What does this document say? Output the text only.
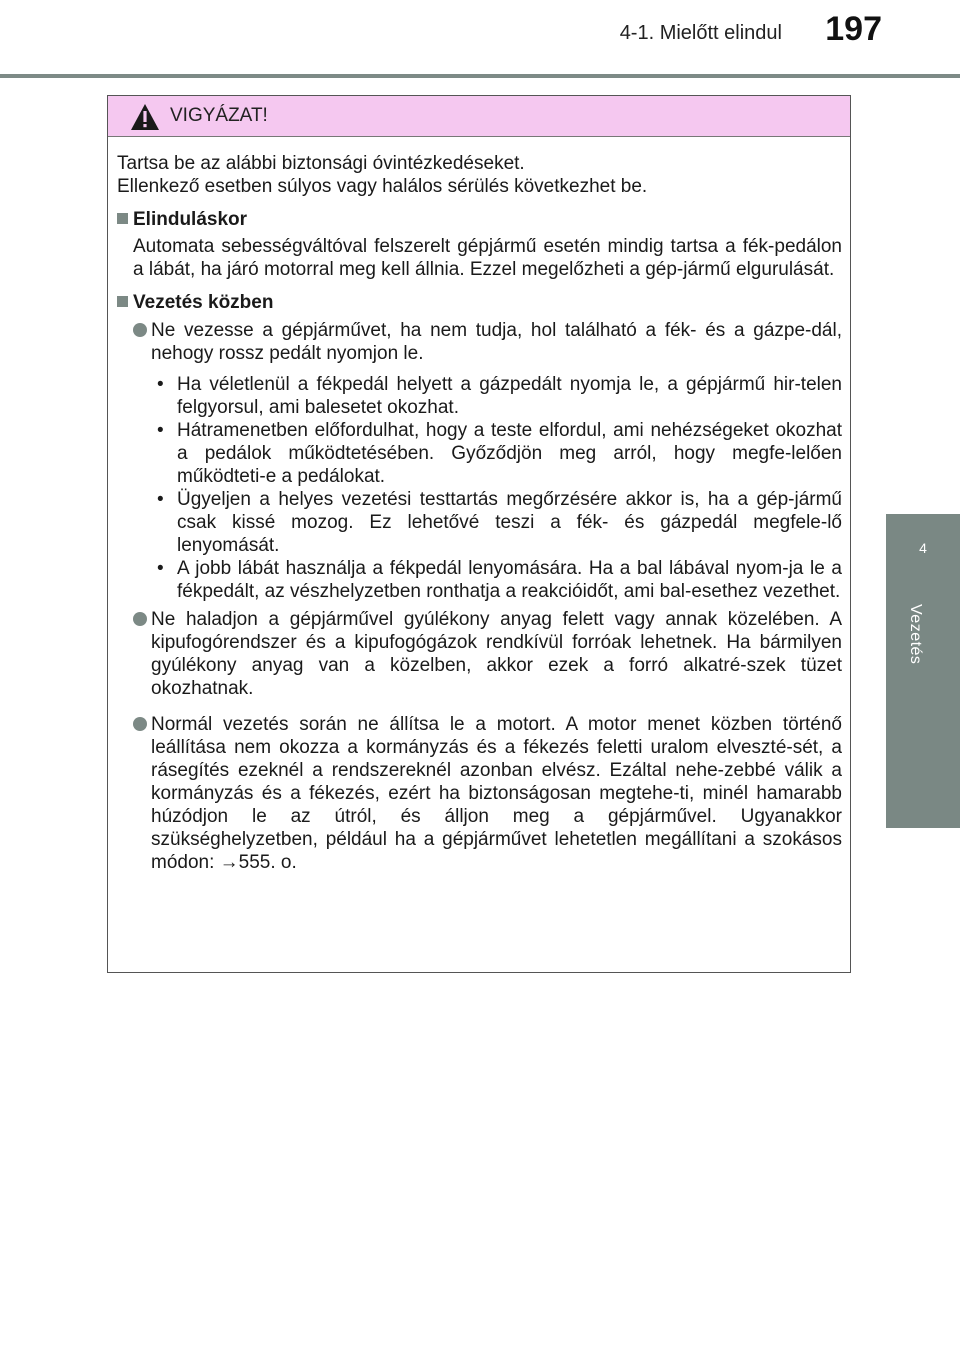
4-1. Mielőtt elindul 197
4
Vezetés
VIGYÁZAT!

Tartsa be az alábbi biztonsági óvintézkedéseket.

Ellenkező esetben súlyos vagy halálos sérülés következhet be.

Elinduláskor
Automata sebességváltóval felszerelt gépjármű esetén mindig tartsa a fék-pedálon a lábát, ha járó motorral meg kell állnia. Ezzel megelőzheti a gép-jármű elgurulását.
Vezetés közben
Ne vezesse a gépjárművet, ha nem tudja, hol található a fék- és a gázpe-dál, nehogy rossz pedált nyomjon le.
• Ha véletlenül a fékpedál helyett a gázpedált nyomja le, a gépjármű hir-telen felgyorsul, ami balesetet okozhat.
• Hátramenetben előfordulhat, hogy a teste elfordul, ami nehézségeket okozhat a pedálok működtetésében. Győződjön meg arról, hogy megfe-lelően működteti-e a pedálokat.
• Ügyeljen a helyes vezetési testtartás megőrzésére akkor is, ha a gép-jármű csak kissé mozog. Ez lehetővé teszi a fék- és gázpedál megfele-lő lenyomását.
• A jobb lábát használja a fékpedál lenyomására. Ha a bal lábával nyom-ja le a fékpedált, az vészhelyzetben ronthatja a reakcióidőt, ami bal-esethez vezethet.
Ne haladjon a gépjárművel gyúlékony anyag felett vagy annak közelében. A kipufogórendszer és a kipufogógázok rendkívül forróak lehetnek. Ha bármilyen gyúlékony anyag van a közelben, akkor ezek a forró alkatré-szek tüzet okozhatnak.
Normál vezetés során ne állítsa le a motort. A motor menet közben történő leállítása nem okozza a kormányzás és a fékezés feletti uralom elveszté-sét, a rásegítés ezeknél a rendszereknél azonban elvész. Ezáltal nehe-zebbé válik a kormányzás és a fékezés, ezért ha biztonságosan megtehe-ti, minél hamarabb húzódjon le az útról, és álljon meg a gépjárművel. Ugyanakkor szükséghelyzetben, például ha a gépjárművet lehetetlen megállítani a szokásos módon: →555. o.
